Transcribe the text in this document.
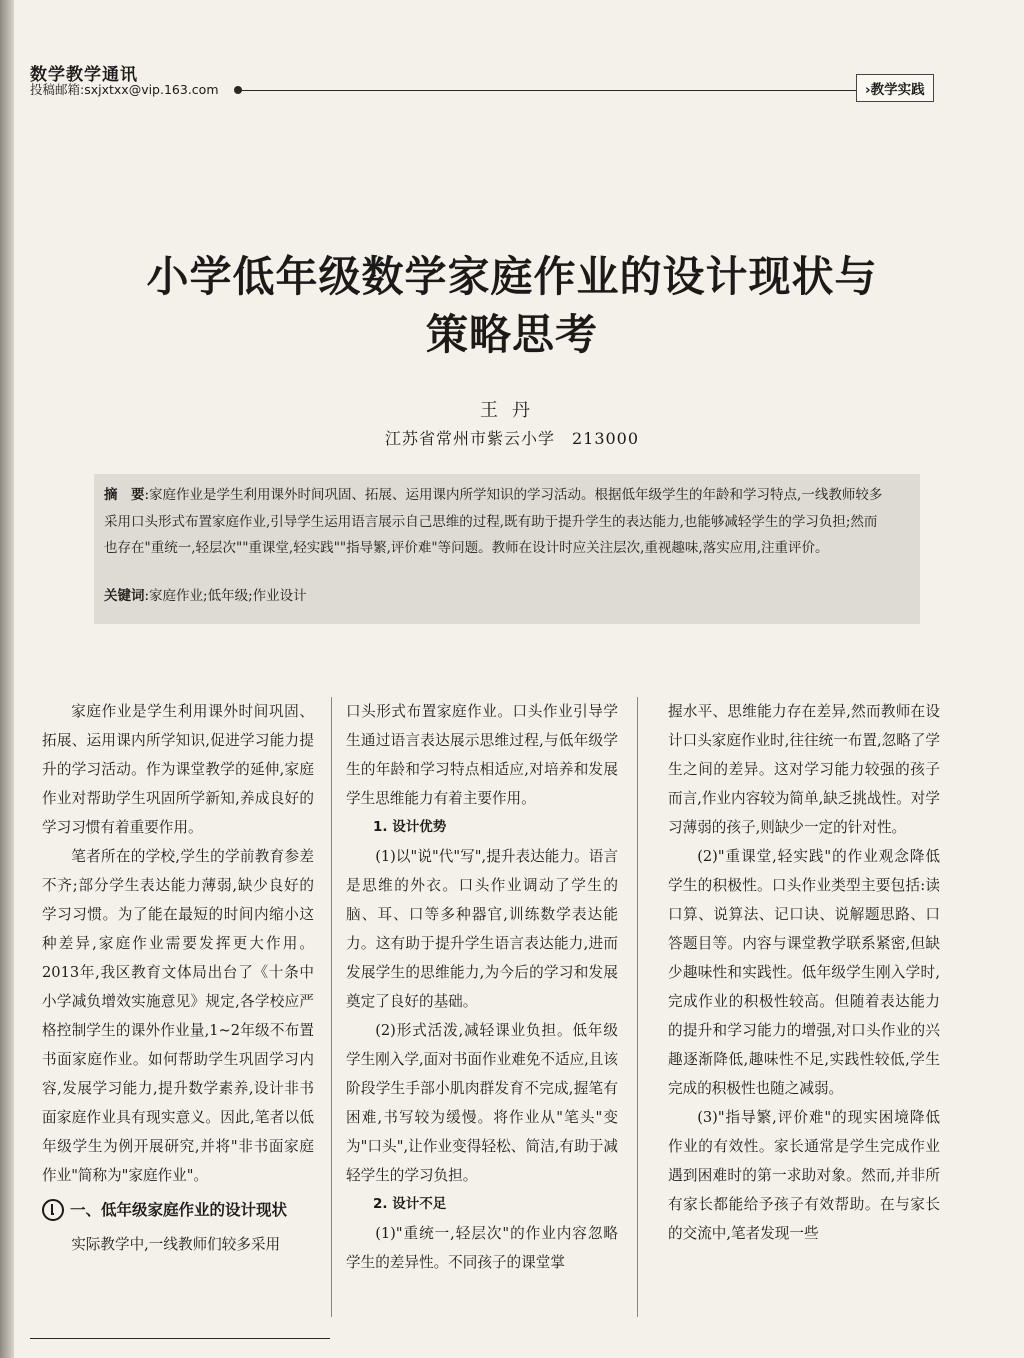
数学教学通讯
投稿邮箱:sxjxtxx@vip.163.com	›教学实践
小学低年级数学家庭作业的设计现状与
策略思考
王丹
江苏省常州市紫云小学　213000
摘　要:家庭作业是学生利用课外时间巩固、拓展、运用课内所学知识的学习活动。根据低年级学生的年龄和学习特点,一线教师较多采用口头形式布置家庭作业,引导学生运用语言展示自己思维的过程,既有助于提升学生的表达能力,也能够减轻学生的学习负担;然而也存在"重统一,轻层次""重课堂,轻实践""指导繁,评价难"等问题。教师在设计时应关注层次,重视趣味,落实应用,注重评价。
关键词:家庭作业;低年级;作业设计

家庭作业是学生利用课外时间巩固、拓展、运用课内所学知识,促进学习能力提升的学习活动。作为课堂教学的延伸,家庭作业对帮助学生巩固所学新知,养成良好的学习习惯有着重要作用。

笔者所在的学校,学生的学前教育参差不齐;部分学生表达能力薄弱,缺少良好的学习习惯。为了能在最短的时间内缩小这种差异,家庭作业需要发挥更大作用。2013年,我区教育文体局出台了《十条中小学减负增效实施意见》规定,各学校应严格控制学生的课外作业量,1~2年级不布置书面家庭作业。如何帮助学生巩固学习内容,发展学习能力,提升数学素养,设计非书面家庭作业具有现实意义。因此,笔者以低年级学生为例开展研究,并将"非书面家庭作业"简称为"家庭作业"。

一、低年级家庭作业的设计现状

实际教学中,一线教师们较多采用

口头形式布置家庭作业。口头作业引导学生通过语言表达展示思维过程,与低年级学生的年龄和学习特点相适应,对培养和发展学生思维能力有着主要作用。

1. 设计优势

(1)以"说"代"写",提升表达能力。语言是思维的外衣。口头作业调动了学生的脑、耳、口等多种器官,训练数学表达能力。这有助于提升学生语言表达能力,进而发展学生的思维能力,为今后的学习和发展奠定了良好的基础。

(2)形式活泼,减轻课业负担。低年级学生刚入学,面对书面作业难免不适应,且该阶段学生手部小肌肉群发育不完成,握笔有困难,书写较为缓慢。将作业从"笔头"变为"口头",让作业变得轻松、简洁,有助于减轻学生的学习负担。

2. 设计不足

(1)"重统一,轻层次"的作业内容忽略学生的差异性。不同孩子的课堂掌

握水平、思维能力存在差异,然而教师在设计口头家庭作业时,往往统一布置,忽略了学生之间的差异。这对学习能力较强的孩子而言,作业内容较为简单,缺乏挑战性。对学习薄弱的孩子,则缺少一定的针对性。

(2)"重课堂,轻实践"的作业观念降低学生的积极性。口头作业类型主要包括:读口算、说算法、记口诀、说解题思路、口答题目等。内容与课堂教学联系紧密,但缺少趣味性和实践性。低年级学生刚入学时,完成作业的积极性较高。但随着表达能力的提升和学习能力的增强,对口头作业的兴趣逐渐降低,趣味性不足,实践性较低,学生完成的积极性也随之减弱。

(3)"指导繁,评价难"的现实困境降低作业的有效性。家长通常是学生完成作业遇到困难时的第一求助对象。然而,并非所有家长都能给予孩子有效帮助。在与家长的交流中,笔者发现一些
